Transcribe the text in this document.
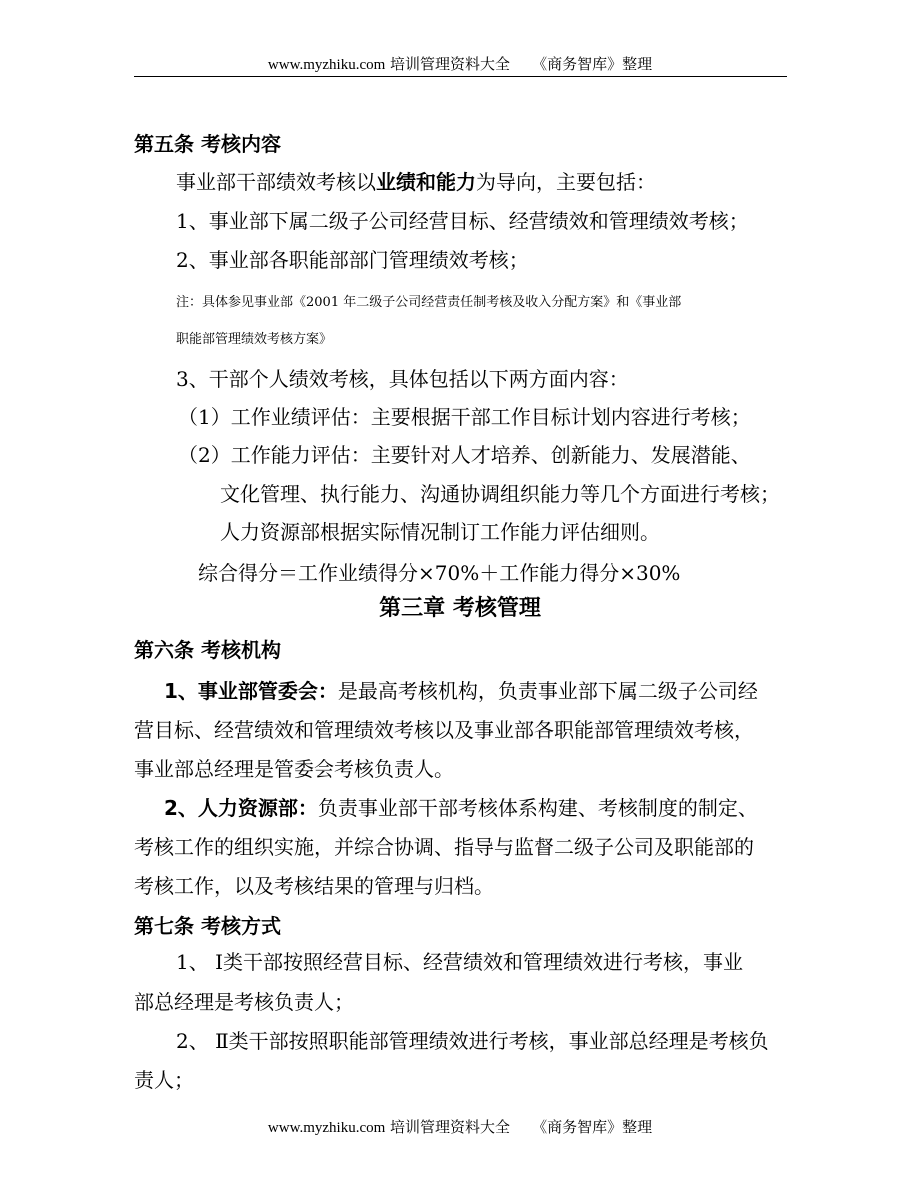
www.myzhiku.com 培训管理资料大全 《商务智库》整理
第五条 考核内容
事业部干部绩效考核以业绩和能力为导向，主要包括：
1、事业部下属二级子公司经营目标、经营绩效和管理绩效考核；
2、事业部各职能部部门管理绩效考核；
注：具体参见事业部《2001 年二级子公司经营责任制考核及收入分配方案》和《事业部
职能部管理绩效考核方案》
3、干部个人绩效考核，具体包括以下两方面内容：
（1）工作业绩评估：主要根据干部工作目标计划内容进行考核；
（2）工作能力评估：主要针对人才培养、创新能力、发展潜能、
文化管理、执行能力、沟通协调组织能力等几个方面进行考核；
人力资源部根据实际情况制订工作能力评估细则。
综合得分＝工作业绩得分×70%＋工作能力得分×30%
第三章 考核管理
第六条 考核机构
1、事业部管委会：是最高考核机构，负责事业部下属二级子公司经
营目标、经营绩效和管理绩效考核以及事业部各职能部管理绩效考核，
事业部总经理是管委会考核负责人。
2、人力资源部：负责事业部干部考核体系构建、考核制度的制定、
考核工作的组织实施，并综合协调、指导与监督二级子公司及职能部的
考核工作，以及考核结果的管理与归档。
第七条 考核方式
1、 Ⅰ类干部按照经营目标、经营绩效和管理绩效进行考核，事业
部总经理是考核负责人；
2、 Ⅱ类干部按照职能部管理绩效进行考核，事业部总经理是考核负
责人；
www.myzhiku.com 培训管理资料大全 《商务智库》整理
